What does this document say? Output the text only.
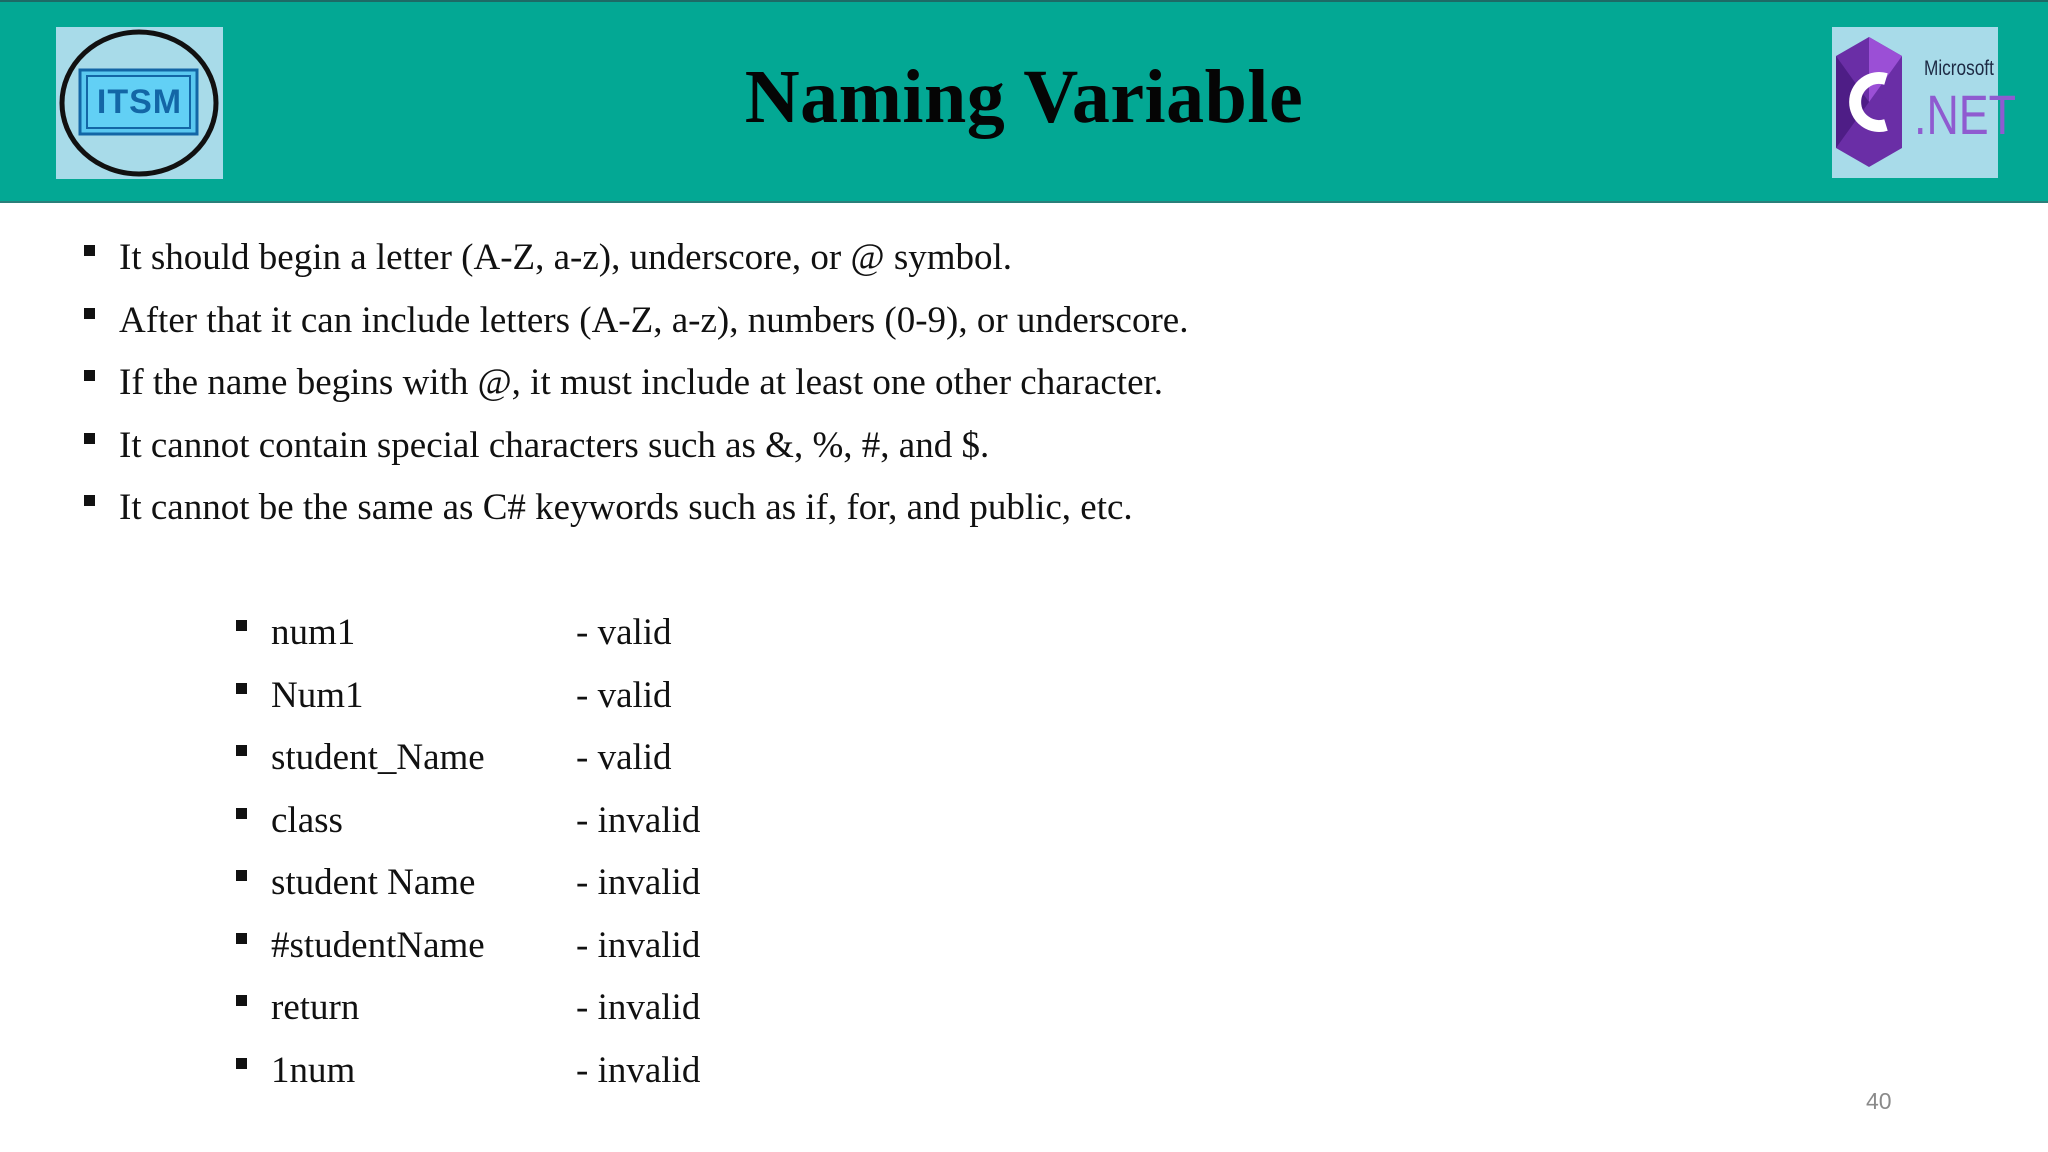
ITSM	Naming Variable	C#
Microsoft
.NET
It should begin a letter (A-Z, a-z), underscore, or @ symbol.
After that it can include letters (A-Z, a-z), numbers (0-9), or underscore.
If the name begins with @, it must include at least one other character.
It cannot contain special characters such as &, %, #, and $.
It cannot be the same as C# keywords such as if, for, and public, etc.
num1	- valid
Num1	- valid
student_Name - valid
class	- invalid
student Name	- invalid
#studentName - invalid
return	- invalid
1num	- invalid
40
